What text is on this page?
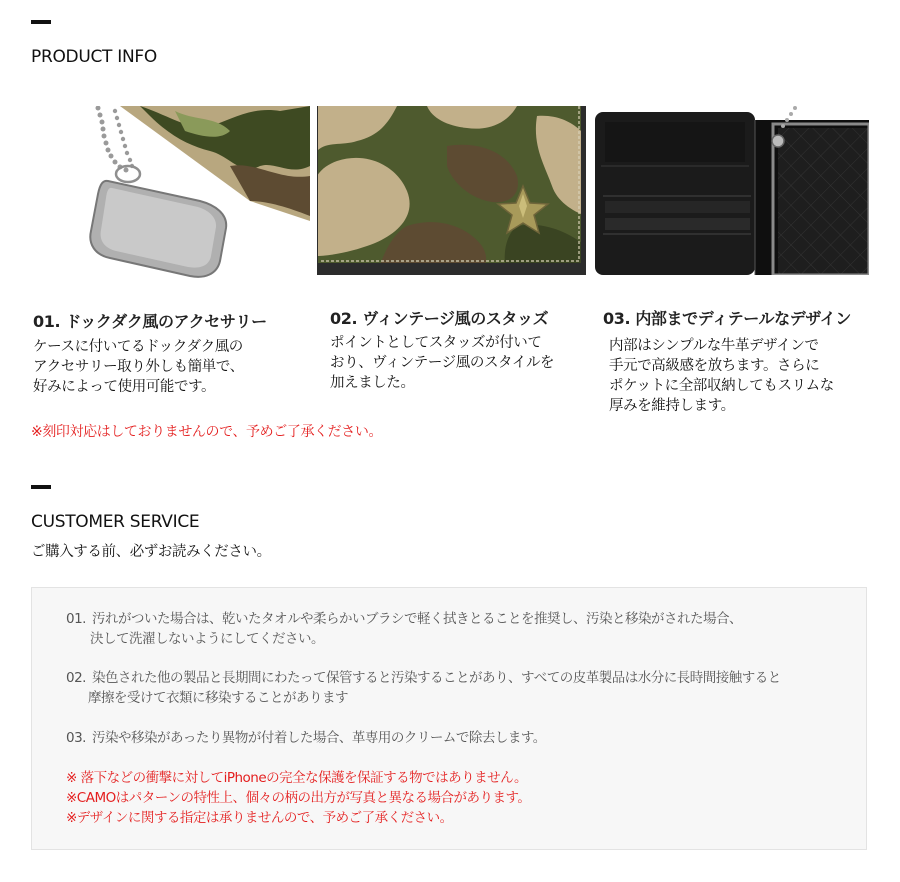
PRODUCT INFO
01. ドックダク風のアクセサリー
ケースに付いてるドックダク風の
アクセサリー取り外しも簡単で、
好みによって使用可能です。
02. ヴィンテージ風のスタッズ
ポイントとしてスタッズが付いて
おり、ヴィンテージ風のスタイルを
加えました。
03. 内部までディテールなデザイン
内部はシンプルな牛革デザインで
手元で高級感を放ちます。さらに
ポケットに全部収納してもスリムな
厚みを維持します。
※刻印対応はしておりませんので、予めご了承ください。
CUSTOMER SERVICE
ご購入する前、必ずお読みください。
01. 汚れがついた場合は、乾いたタオルや柔らかいブラシで軽く拭きとることを推奨し、汚染と移染がされた場合、
決して洗濯しないようにしてください。
02. 染色された他の製品と長期間にわたって保管すると汚染することがあり、すべての皮革製品は水分に長時間接触すると
摩擦を受けて衣類に移染することがあります
03. 汚染や移染があったり異物が付着した場合、革専用のクリームで除去します。
※ 落下などの衝撃に対してiPhoneの完全な保護を保証する物ではありません。
※CAMOはパターンの特性上、個々の柄の出方が写真と異なる場合があります。
※デザインに関する指定は承りませんので、予めご了承ください。
